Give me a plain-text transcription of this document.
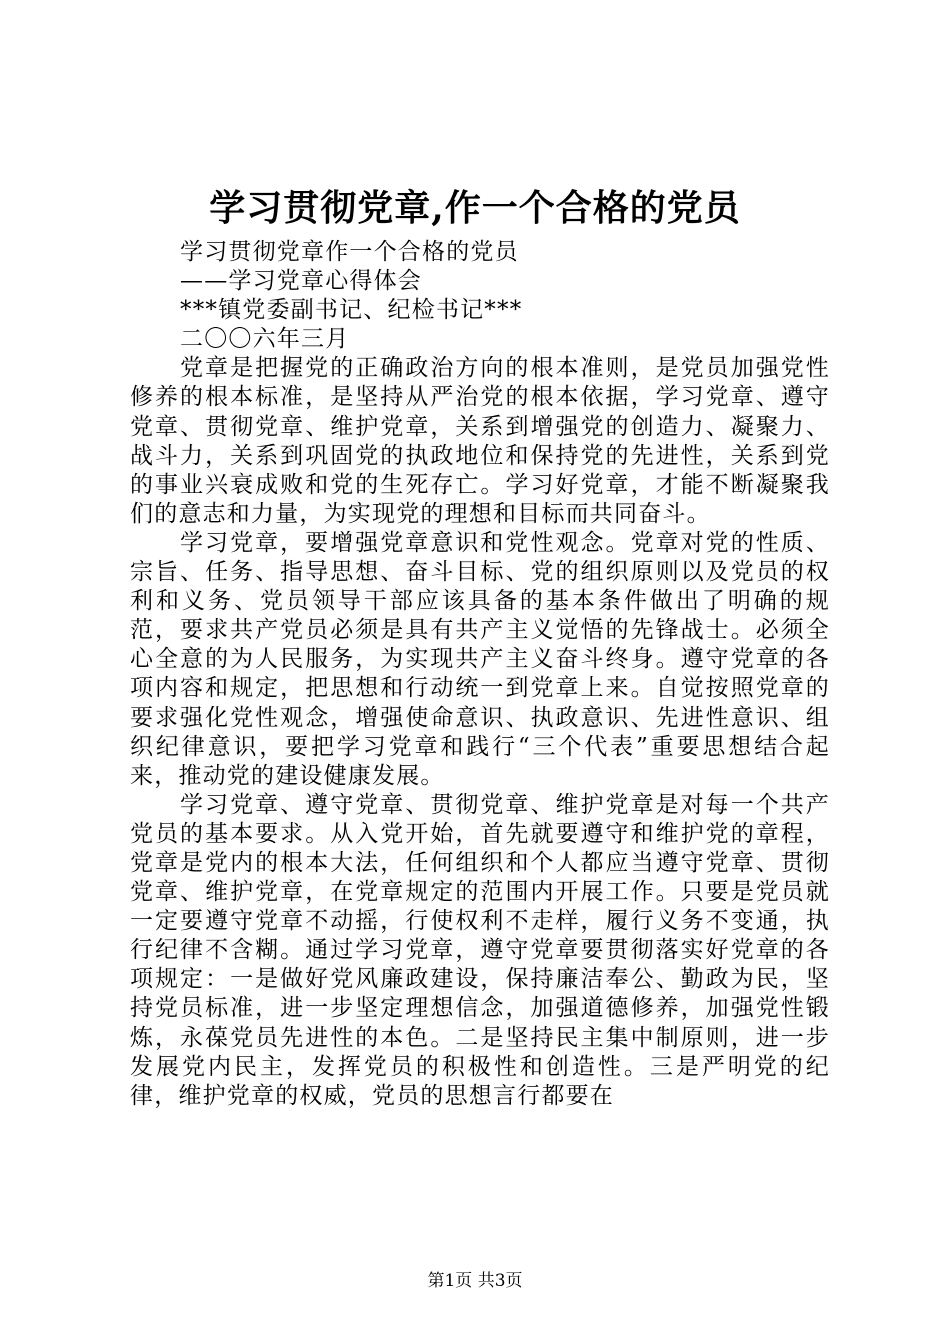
学习贯彻党章,作一个合格的党员
学习贯彻党章作一个合格的党员
——学习党章心得体会
***镇党委副书记、纪检书记***
二〇〇六年三月

党章是把握党的正确政治方向的根本准则，是党员加强党性修养的根本标准，是坚持从严治党的根本依据，学习党章、遵守党章、贯彻党章、维护党章，关系到增强党的创造力、凝聚力、战斗力，关系到巩固党的执政地位和保持党的先进性，关系到党的事业兴衰成败和党的生死存亡。学习好党章，才能不断凝聚我们的意志和力量，为实现党的理想和目标而共同奋斗。

学习党章，要增强党章意识和党性观念。党章对党的性质、宗旨、任务、指导思想、奋斗目标、党的组织原则以及党员的权利和义务、党员领导干部应该具备的基本条件做出了明确的规范，要求共产党员必须是具有共产主义觉悟的先锋战士。必须全心全意的为人民服务，为实现共产主义奋斗终身。遵守党章的各项内容和规定，把思想和行动统一到党章上来。自觉按照党章的要求强化党性观念，增强使命意识、执政意识、先进性意识、组织纪律意识，要把学习党章和践行“三个代表”重要思想结合起来，推动党的建设健康发展。

学习党章、遵守党章、贯彻党章、维护党章是对每一个共产党员的基本要求。从入党开始，首先就要遵守和维护党的章程，党章是党内的根本大法，任何组织和个人都应当遵守党章、贯彻党章、维护党章，在党章规定的范围内开展工作。只要是党员就一定要遵守党章不动摇，行使权利不走样，履行义务不变通，执行纪律不含糊。通过学习党章，遵守党章要贯彻落实好党章的各项规定：一是做好党风廉政建设，保持廉洁奉公、勤政为民，坚持党员标准，进一步坚定理想信念，加强道德修养，加强党性锻炼，永葆党员先进性的本色。二是坚持民主集中制原则，进一步发展党内民主，发挥党员的积极性和创造性。三是严明党的纪律，维护党章的权威，党员的思想言行都要在

第1页 共3页
